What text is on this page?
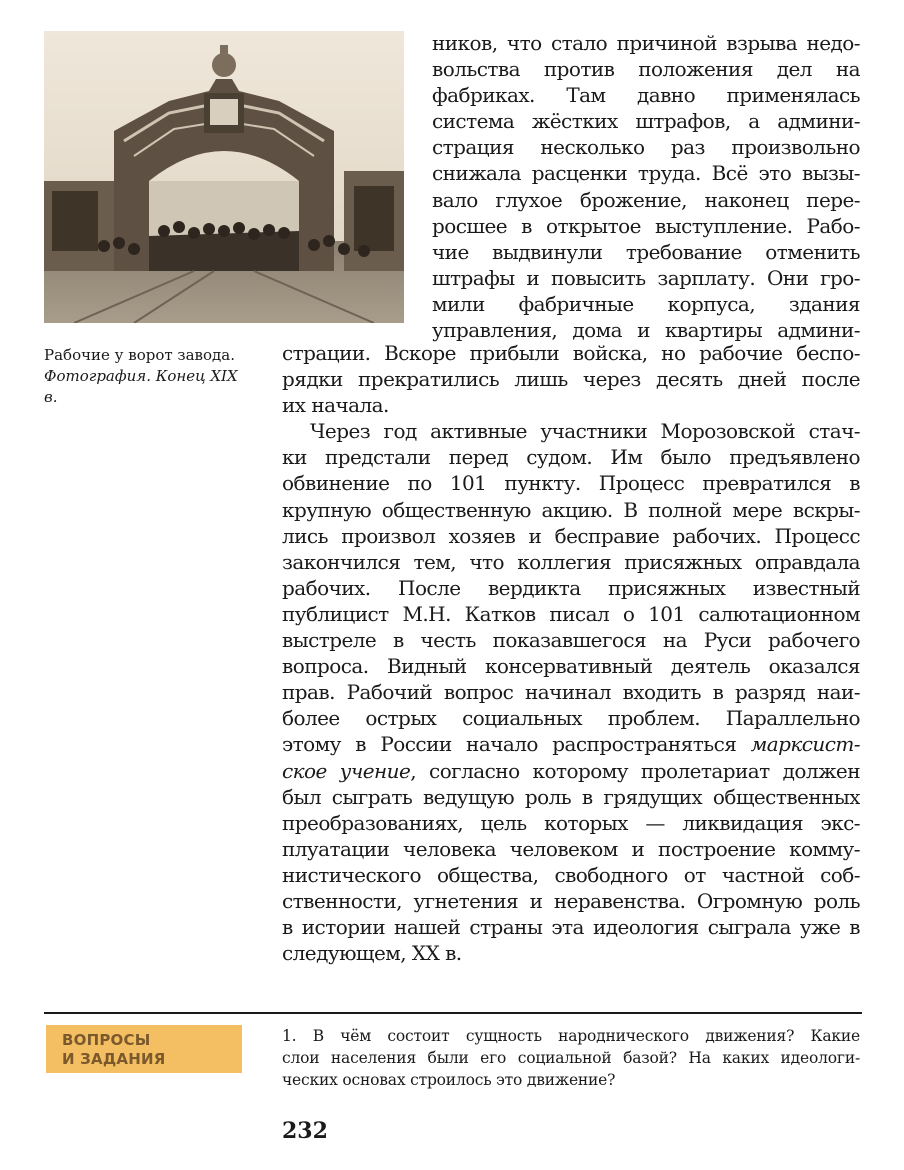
Рабочие у ворот завода. Фотография. Конец XIX в.
ников, что стало причиной взрыва недо-
вольства против положения дел на
фабриках. Там давно применялась
система жёстких штрафов, а админи-
страция несколько раз произвольно
снижала расценки труда. Всё это вызы-
вало глухое брожение, наконец пере-
росшее в открытое выступление. Рабо-
чие выдвинули требование отменить
штрафы и повысить зарплату. Они гро-
мили фабричные корпуса, здания
управления, дома и квартиры админи-
страции. Вскоре прибыли войска, но рабочие беспо-
рядки прекратились лишь через десять дней после
их начала.
Через год активные участники Морозовской стач-
ки предстали перед судом. Им было предъявлено
обвинение по 101 пункту. Процесс превратился в
крупную общественную акцию. В полной мере вскры-
лись произвол хозяев и бесправие рабочих. Процесс
закончился тем, что коллегия присяжных оправдала
рабочих. После вердикта присяжных известный
публицист М.Н. Катков писал о 101 салютационном
выстреле в честь показавшегося на Руси рабочего
вопроса. Видный консервативный деятель оказался
прав. Рабочий вопрос начинал входить в разряд наи-
более острых социальных проблем. Параллельно
этому в России начало распространяться марксист-
ское учение, согласно которому пролетариат должен
был сыграть ведущую роль в грядущих общественных
преобразованиях, цель которых — ликвидация экс-
плуатации человека человеком и построение комму-
нистического общества, свободного от частной соб-
ственности, угнетения и неравенства. Огромную роль
в истории нашей страны эта идеология сыграла уже в
следующем, XX в.
ВОПРОСЫ
И ЗАДАНИЯ
1. В чём состоит сущность народнического движения? Какие
слои населения были его социальной базой? На каких идеологи-
ческих основах строилось это движение?
232
